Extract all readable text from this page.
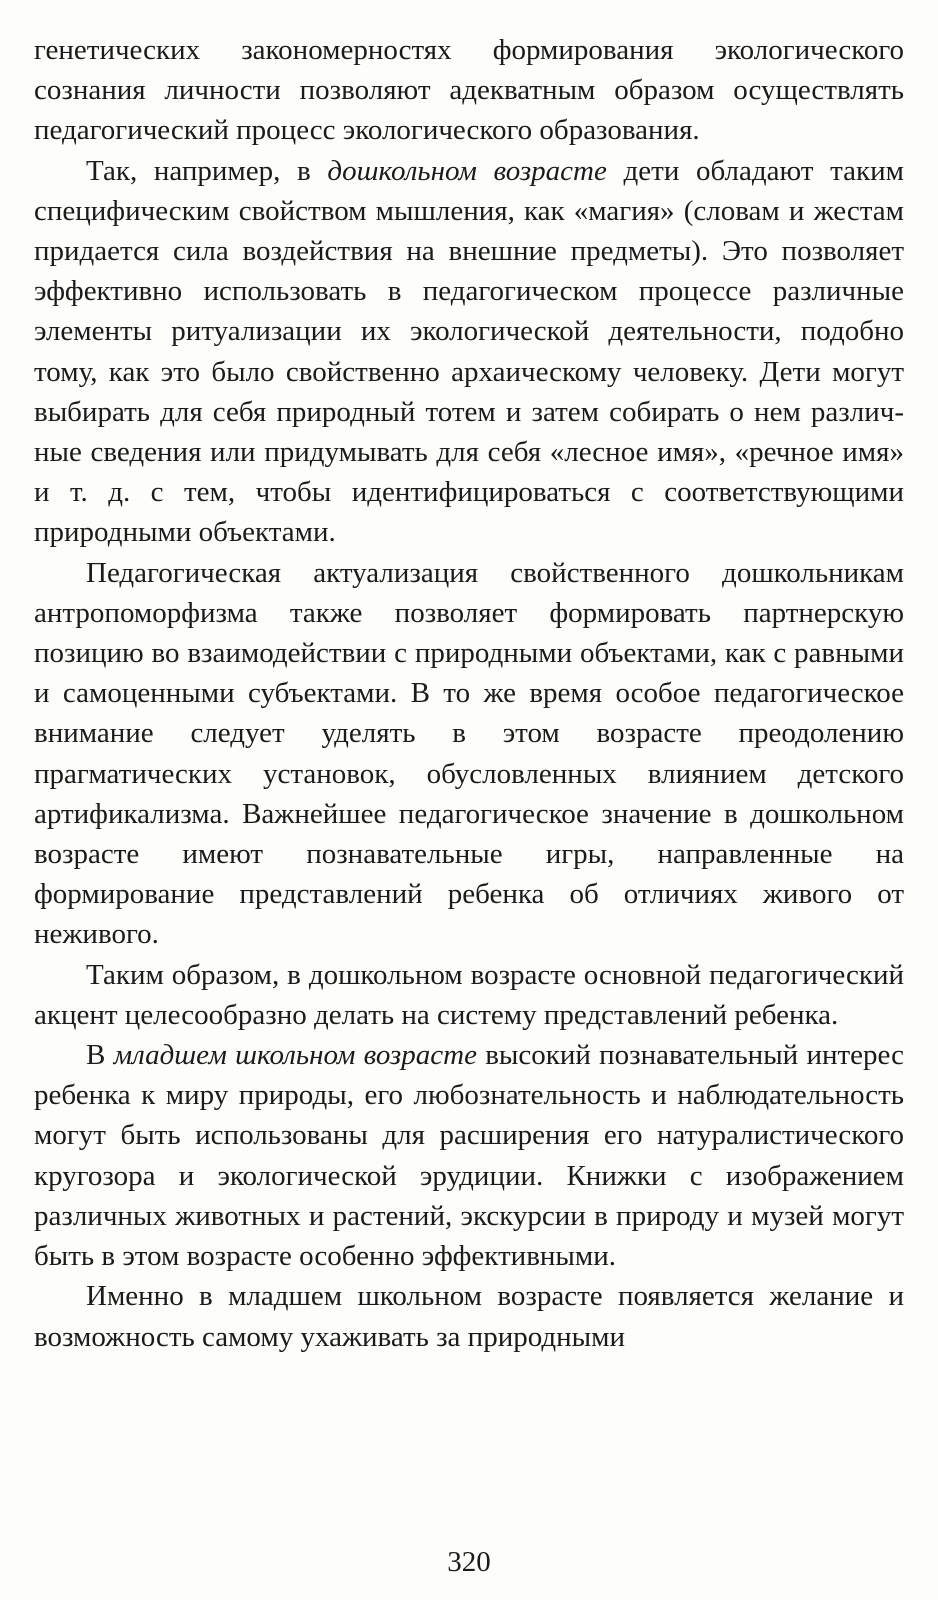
генетических закономерностях формирования экологического сознания личности позволяют адекватным образом осуществлять педагогический процесс экологического образования.

Так, например, в дошкольном возрасте дети обладают таким специфическим свойством мышления, как «магия» (словам и жестам придается сила воздействия на внешние предметы). Это позволяет эффективно использовать в педагогическом процессе различные элементы ритуализации их экологической деятельности, подобно тому, как это было свойственно архаическому человеку. Дети могут выбирать для себя природный тотем и затем собирать о нем различные сведения или придумывать для себя «лесное имя», «речное имя» и т. д. с тем, чтобы идентифицироваться с соответствующими природными объектами.

Педагогическая актуализация свойственного дошкольникам антропоморфизма также позволяет формировать партнерскую позицию во взаимодействии с природными объектами, как с равными и самоценными субъектами. В то же время особое педагогическое внимание следует уделять в этом возрасте преодолению прагматических установок, обусловленных влиянием детского артификализма. Важнейшее педагогическое значение в дошкольном возрасте имеют познавательные игры, направленные на формирование представлений ребенка об отличиях живого от неживого.

Таким образом, в дошкольном возрасте основной педагогический акцент целесообразно делать на систему представлений ребенка.

В младшем школьном возрасте высокий познавательный интерес ребенка к миру природы, его любознательность и наблюдательность могут быть использованы для расширения его натуралистического кругозора и экологической эрудиции. Книжки с изображением различных животных и растений, экскурсии в природу и музей могут быть в этом возрасте особенно эффективными.

Именно в младшем школьном возрасте появляется желание и возможность самому ухаживать за природными

320
